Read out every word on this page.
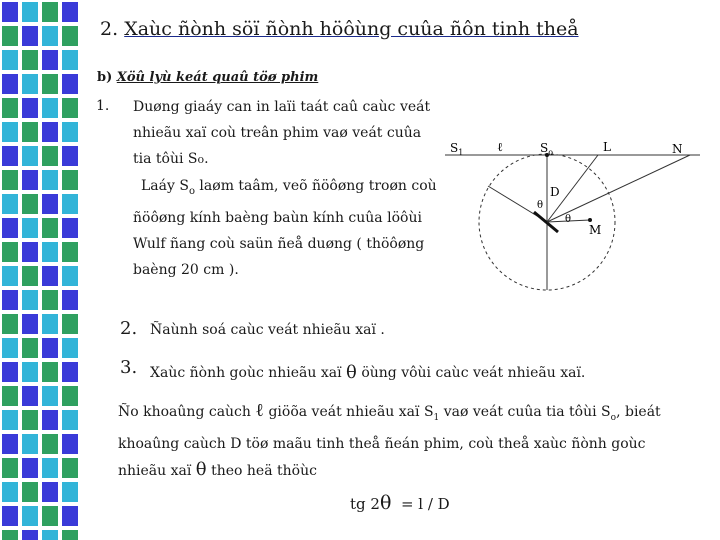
2. Xaùc ñònh söï ñònh höôùng cuûa ñôn tinh theå
b) Xöû lyù keát quaû töø phim
1. Duøng giaáy can in laïi taát caû caùc veát
nhieãu xaï coù treân phim vaø veát cuûa
tia tôùi So.
Laáy $S_o$ laøm taâm, veõ ñöôøng troøn coù
ñöôøng kính baèng baùn kính cuûa löôùi
Wulf ñang coù saün ñeå duøng ( thöôøng
baèng 20 cm ).
$S_1$	ℓ	$S_o$	L	N
D
θ
θ
M
2. Ñaùnh soá caùc veát nhieãu xaï .
3. Xaùc ñònh goùc nhieãu xaï θ öùng vôùi caùc veát nhieãu xaï.
Ño khoaûng caùch ℓ giöõa veát nhieãu xaï $S_1$ vaø veát cuûa tia tôùi $S_o$, bieát khoaûng caùch D töø maãu tinh theå ñeán phim, coù theå xaùc ñònh goùc nhieãu xaï θ theo heä thöùc
tg 2θ = l / D
